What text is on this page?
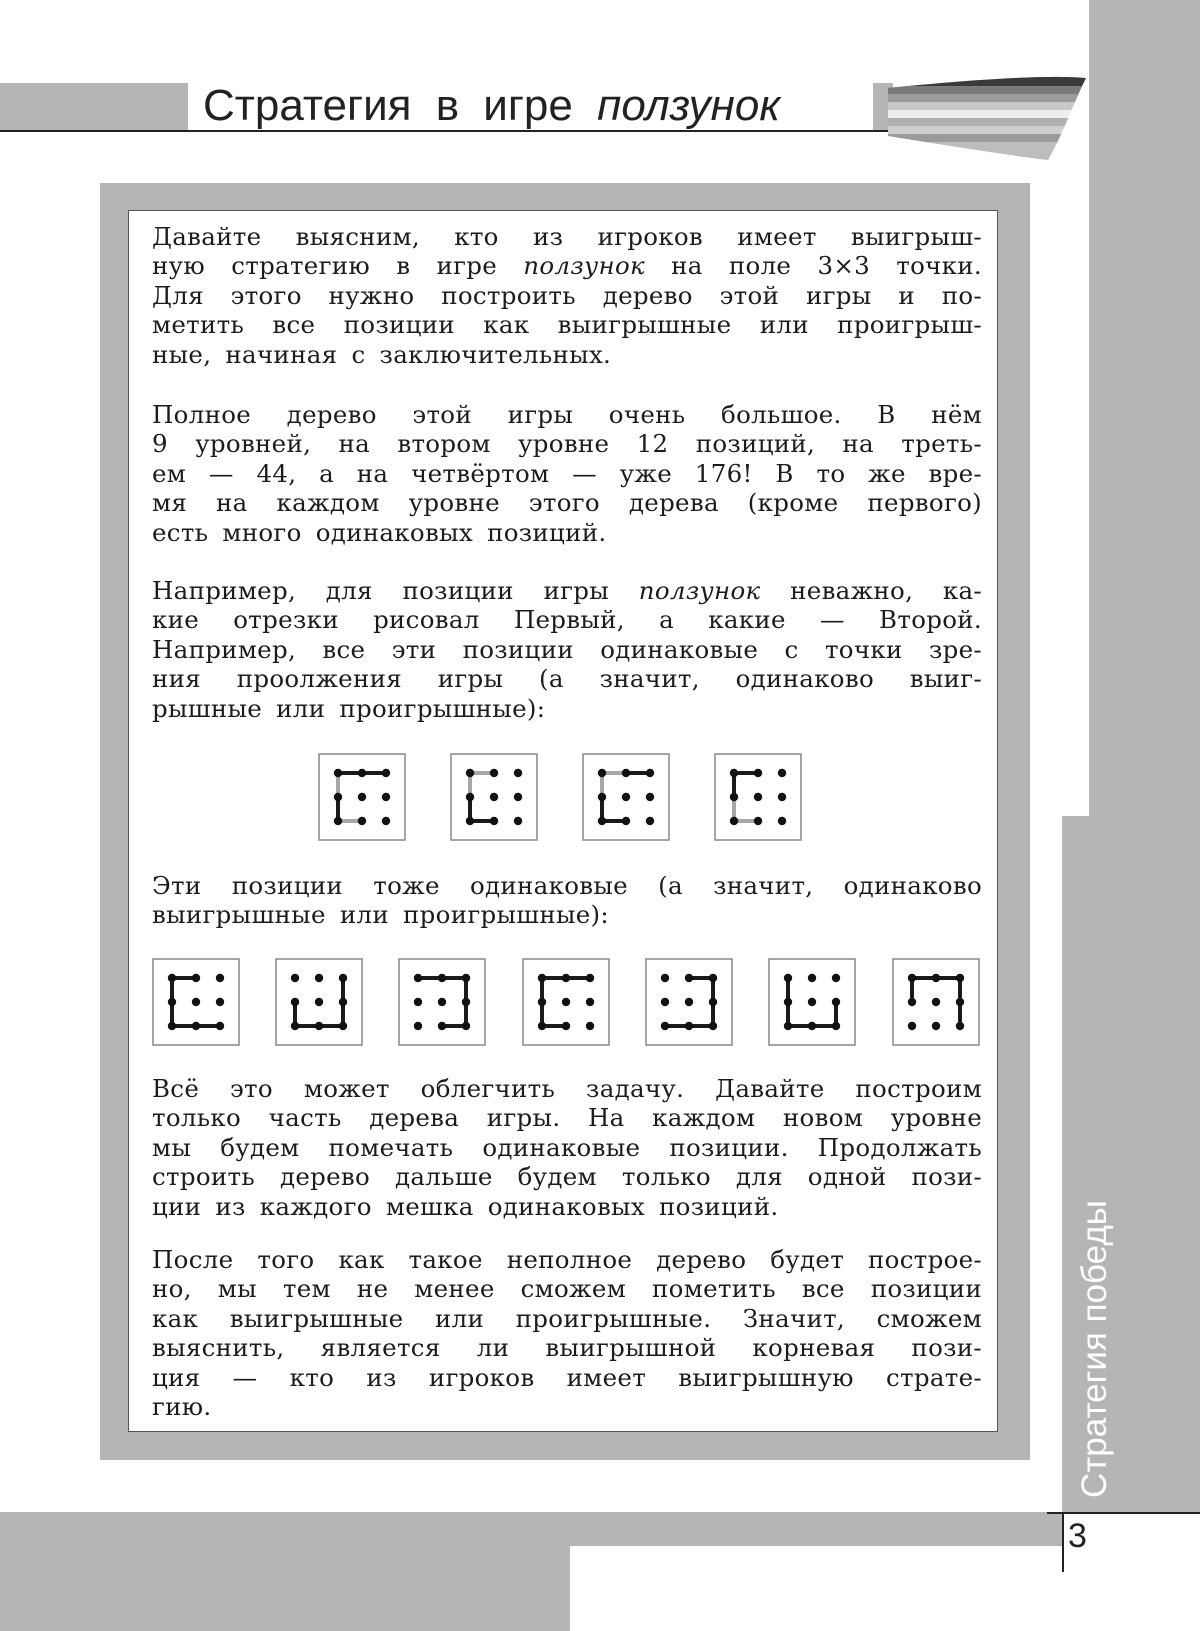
Стратегия в игре ползунок
Давайте выясним, кто из игроков имеет выигрыш-
ную стратегию в игре ползунок на поле 3×3 точки.
Для этого нужно построить дерево этой игры и по-
метить все позиции как выигрышные или проигрыш-
ные, начиная с заключительных.
Полное дерево этой игры очень большое. В нём
9 уровней, на втором уровне 12 позиций, на треть-
ем — 44, а на четвёртом — уже 176! В то же вре-
мя на каждом уровне этого дерева (кроме первого)
есть много одинаковых позиций.
Например, для позиции игры ползунок неважно, ка-
кие отрезки рисовал Первый, а какие — Второй.
Например, все эти позиции одинаковые с точки зре-
ния проолжения игры (а значит, одинаково выиг-
рышные или проигрышные):
Эти позиции тоже одинаковые (а значит, одинаково
выигрышные или проигрышные):
Всё это может облегчить задачу. Давайте построим
только часть дерева игры. На каждом новом уровне
мы будем помечать одинаковые позиции. Продолжать
строить дерево дальше будем только для одной пози-
ции из каждого мешка одинаковых позиций.
После того как такое неполное дерево будет построе-
но, мы тем не менее сможем пометить все позиции
как выигрышные или проигрышные. Значит, сможем
выяснить, является ли выигрышной корневая пози-
ция — кто из игроков имеет выигрышную страте-
гию.	Стратегия победы
3
